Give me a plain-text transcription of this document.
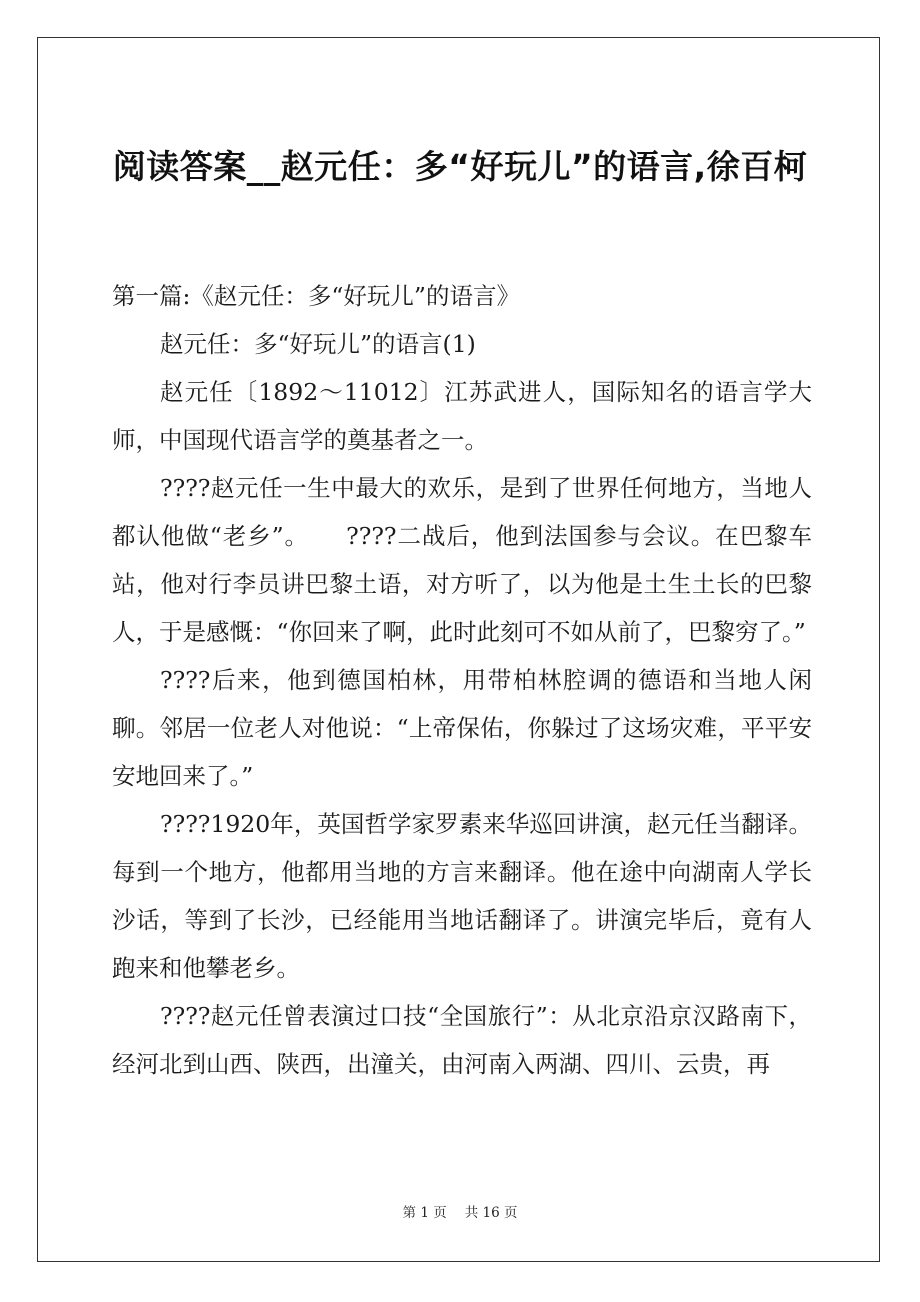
阅读答案__赵元任：多“好玩儿”的语言,徐百柯

第一篇:《赵元任：多“好玩儿”的语言》

赵元任：多“好玩儿”的语言(1)

赵元任〔1892～11012〕江苏武进人，国际知名的语言学大师，中国现代语言学的奠基者之一。

????赵元任一生中最大的欢乐，是到了世界任何地方，当地人都认他做“老乡”。　　????二战后，他到法国参与会议。在巴黎车站，他对行李员讲巴黎土语，对方听了，以为他是土生土长的巴黎人，于是感慨：“你回来了啊，此时此刻可不如从前了，巴黎穷了。”

????后来，他到德国柏林，用带柏林腔调的德语和当地人闲聊。邻居一位老人对他说：“上帝保佑，你躲过了这场灾难，平平安安地回来了。”

????1920年，英国哲学家罗素来华巡回讲演，赵元任当翻译。每到一个地方，他都用当地的方言来翻译。他在途中向湖南人学长沙话，等到了长沙，已经能用当地话翻译了。讲演完毕后，竟有人跑来和他攀老乡。

????赵元任曾表演过口技“全国旅行”：从北京沿京汉路南下，经河北到山西、陕西，出潼关，由河南入两湖、四川、云贵，再

第 1 页 共 16 页
